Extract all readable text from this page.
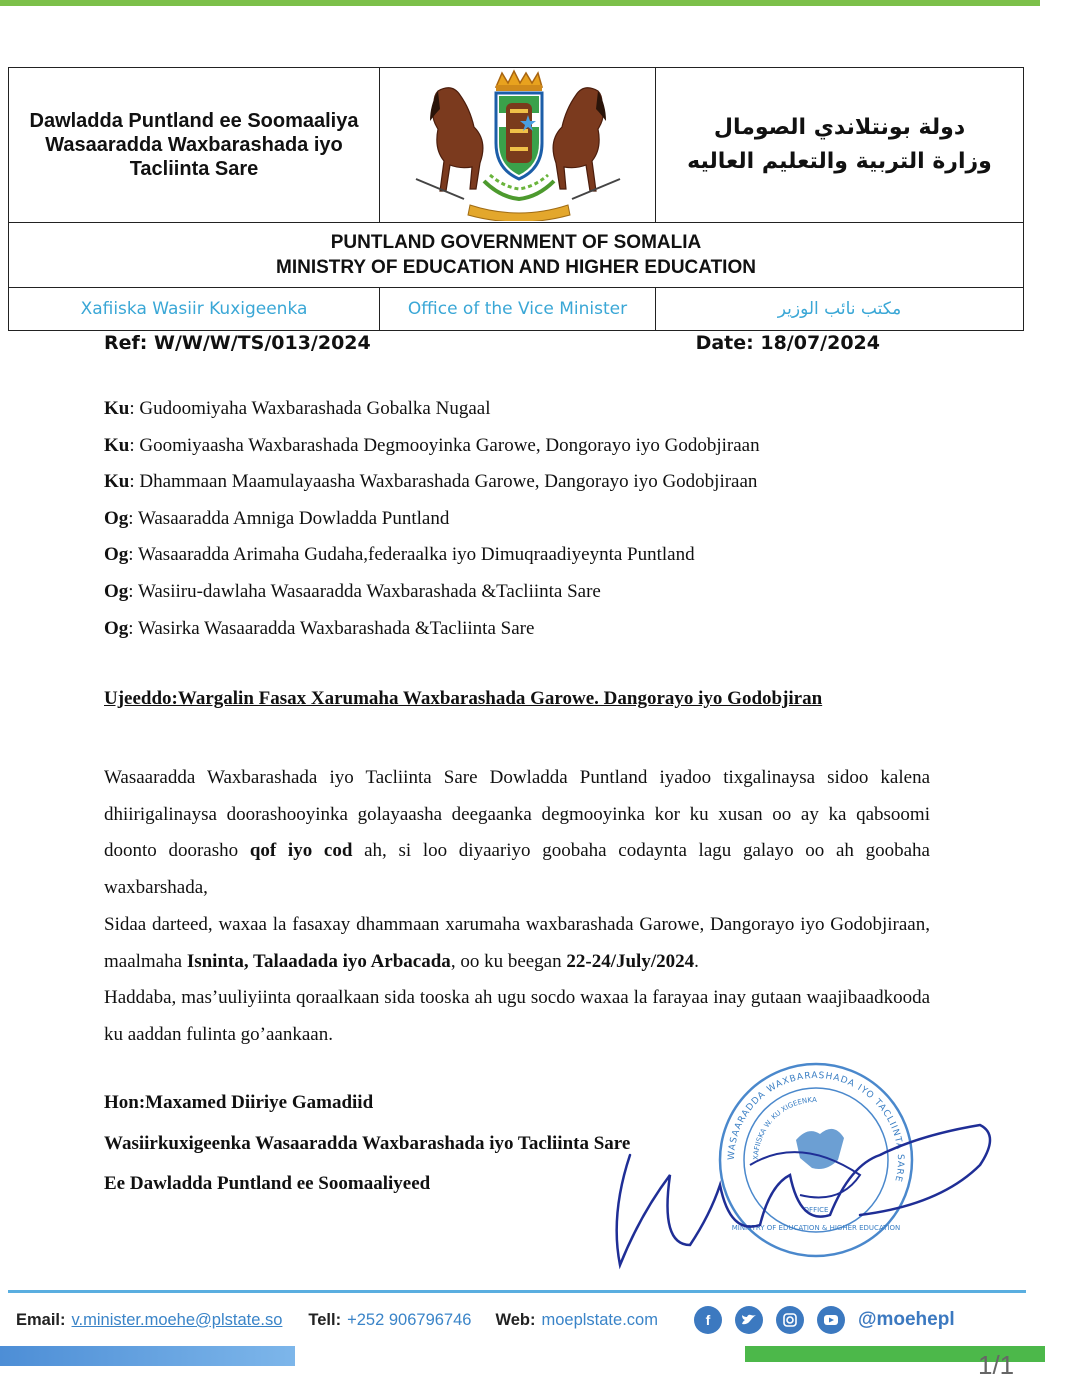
Dawladda Puntland ee Soomaaliya
Wasaaradda Waxbarashada iyo
Tacliinta Sare
دولة بونتلاندي الصومال
وزارة التربية والتعليم العاليه
PUNTLAND GOVERNMENT OF SOMALIA
MINISTRY OF EDUCATION AND HIGHER EDUCATION
Xafiiska Wasiir Kuxigeenka	Office of the Vice Minister	مكتب نائب الوزير
Ref: W/W/W/TS/013/2024	Date: 18/07/2024
Ku: Gudoomiyaha Waxbarashada Gobalka Nugaal
Ku: Goomiyaasha Waxbarashada Degmooyinka Garowe, Dongorayo iyo Godobjiraan
Ku: Dhammaan Maamulayaasha Waxbarashada Garowe, Dangorayo iyo Godobjiraan
Og: Wasaaradda Amniga Dowladda Puntland
Og: Wasaaradda Arimaha Gudaha,federaalka iyo Dimuqraadiyeynta Puntland
Og: Wasiiru-dawlaha Wasaaradda Waxbarashada &Tacliinta Sare
Og: Wasirka Wasaaradda Waxbarashada &Tacliinta Sare
Ujeeddo:Wargalin Fasax Xarumaha Waxbarashada Garowe. Dangorayo iyo Godobjiran

Wasaaradda Waxbarashada iyo Tacliinta Sare Dowladda Puntland iyadoo tixgalinaysa sidoo kalena dhiirigalinaysa doorashooyinka golayaasha deegaanka degmooyinka kor ku xusan oo ay ka qabsoomi doonto doorasho qof iyo cod ah, si loo diyaariyo goobaha codaynta lagu galayo oo ah goobaha waxbarshada,

Sidaa darteed, waxaa la fasaxay dhammaan xarumaha waxbarashada Garowe, Dangorayo iyo Godobjiraan, maalmaha Isninta, Talaadada iyo Arbacada, oo ku beegan 22-24/July/2024.

Haddaba, mas’uuliyiinta qoraalkaan sida tooska ah ugu socdo waxaa la farayaa inay gutaan waajibaadkooda ku aaddan fulinta go’aankaan.

Hon:Maxamed Diiriye Gamadiid
Wasiirkuxigeenka Wasaaradda Waxbarashada iyo Tacliinta Sare
Ee Dawladda Puntland ee Soomaaliyeed
WASAARADDA WAXBARASHADA IYO TACLIINTA SARE
XAFIISKA W. KU XIGEENKA
OFFICE
MINISTRY OF EDUCATION & HIGHER EDUCATION
Email: v.minister.moehe@plstate.so Tell: +252 906796746 Web: moeplstate.com	f	@moehepl
1/1
